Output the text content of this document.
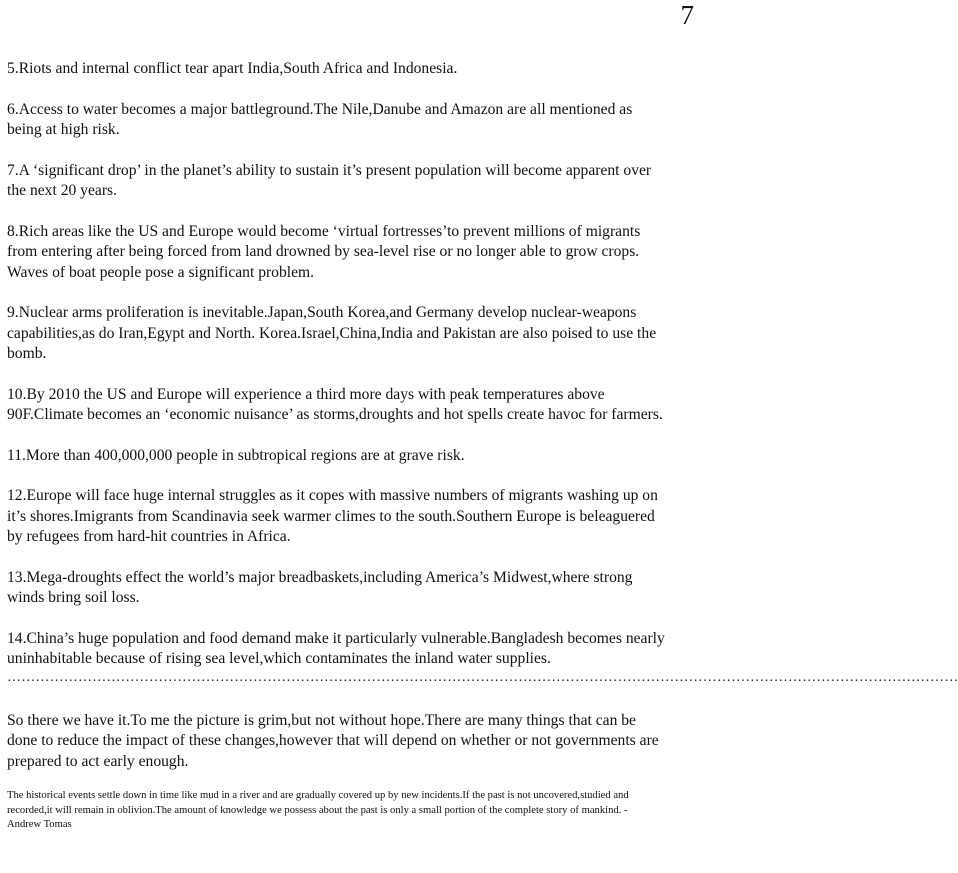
7

5.Riots and internal conflict tear apart India,South Africa and Indonesia.

6.Access to water becomes a major battleground.The Nile,Danube and Amazon are all mentioned as being at high risk.

7.A ‘significant drop’ in the planet’s ability to sustain it’s present population will become apparent over the next 20 years.

8.Rich areas like the US and Europe would become ‘virtual fortresses’to prevent millions of migrants from entering after being forced from land drowned by sea-level rise or no longer able to grow crops. Waves of boat people pose a significant problem.

9.Nuclear arms proliferation is inevitable.Japan,South Korea,and Germany develop nuclear-weapons capabilities,as do Iran,Egypt and North. Korea.Israel,China,India and Pakistan are also poised to use the bomb.

10.By 2010 the US and Europe will experience a third more days with peak temperatures above 90F.Climate becomes an ‘economic nuisance’ as storms,droughts and hot spells create havoc for farmers.

11.More than 400,000,000 people in subtropical regions are at grave risk.

12.Europe will face huge internal struggles as it copes with massive numbers of migrants washing up on it’s shores.Imigrants from Scandinavia seek warmer climes to the south.Southern Europe is beleaguered by refugees from hard-hit countries in Africa.

13.Mega-droughts effect the world’s major breadbaskets,including America’s Midwest,where strong winds bring soil loss.

14.China’s huge population and food demand make it particularly vulnerable.Bangladesh becomes nearly uninhabitable because of rising sea level,which contaminates the inland water supplies.

…………………………………………………………………………………………………………………………………………………………………………………

So there we have it.To me the picture is grim,but not without hope.There are many things that can be done to reduce the impact of these changes,however that will depend on whether or not governments are prepared to act early enough.

The historical events settle down in time like mud in a river and are gradually covered up by new incidents.If the past is not uncovered,studied and recorded,it will remain in oblivion.The amount of knowledge we possess about the past is only a small portion of the complete story of mankind. - Andrew Tomas
